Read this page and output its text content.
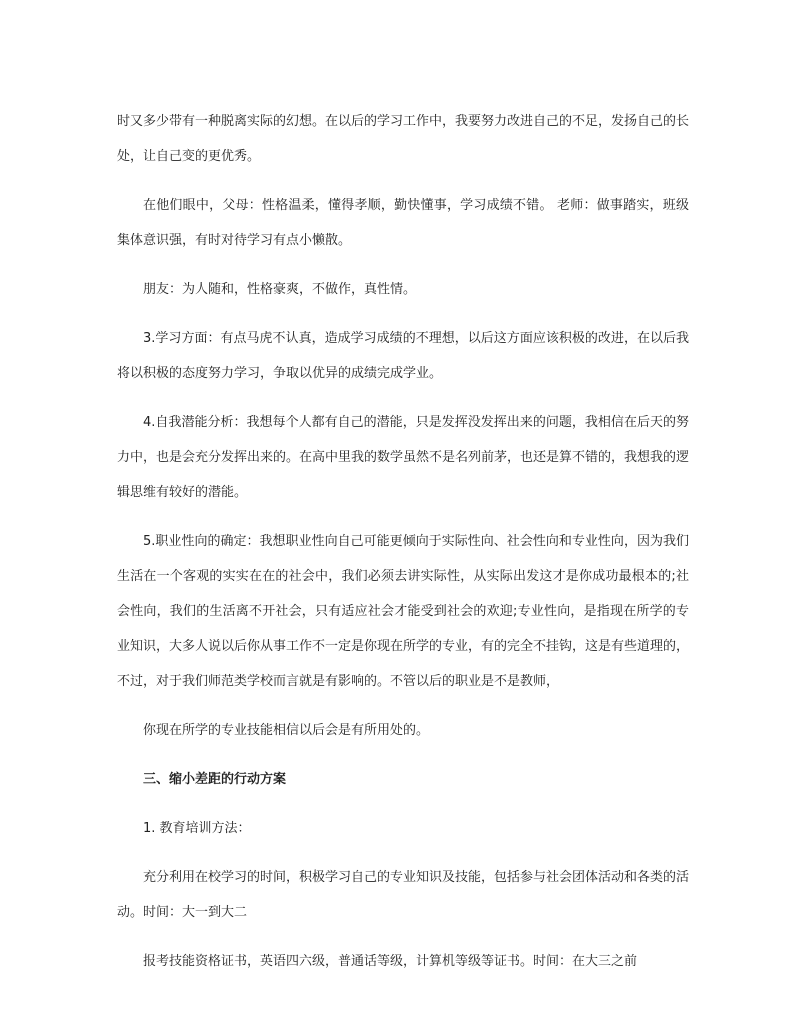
时又多少带有一种脱离实际的幻想。在以后的学习工作中，我要努力改进自己的不足，发扬自己的长处，让自己变的更优秀。

在他们眼中，父母：性格温柔，懂得孝顺，勤快懂事，学习成绩不错。 老师：做事踏实，班级集体意识强，有时对待学习有点小懒散。

朋友：为人随和，性格豪爽，不做作，真性情。

3.学习方面：有点马虎不认真，造成学习成绩的不理想，以后这方面应该积极的改进，在以后我将以积极的态度努力学习，争取以优异的成绩完成学业。

4.自我潜能分析：我想每个人都有自己的潜能，只是发挥没发挥出来的问题，我相信在后天的努力中，也是会充分发挥出来的。在高中里我的数学虽然不是名列前茅，也还是算不错的，我想我的逻辑思维有较好的潜能。

5.职业性向的确定：我想职业性向自己可能更倾向于实际性向、社会性向和专业性向，因为我们生活在一个客观的实实在在的社会中，我们必须去讲实际性，从实际出发这才是你成功最根本的;社会性向，我们的生活离不开社会，只有适应社会才能受到社会的欢迎;专业性向，是指现在所学的专业知识，大多人说以后你从事工作不一定是你现在所学的专业，有的完全不挂钩，这是有些道理的，不过，对于我们师范类学校而言就是有影响的。不管以后的职业是不是教师，

你现在所学的专业技能相信以后会是有所用处的。

三、缩小差距的行动方案

1. 教育培训方法：

充分利用在校学习的时间，积极学习自己的专业知识及技能，包括参与社会团体活动和各类的活动。时间：大一到大二

报考技能资格证书，英语四六级，普通话等级，计算机等级等证书。时间：在大三之前
